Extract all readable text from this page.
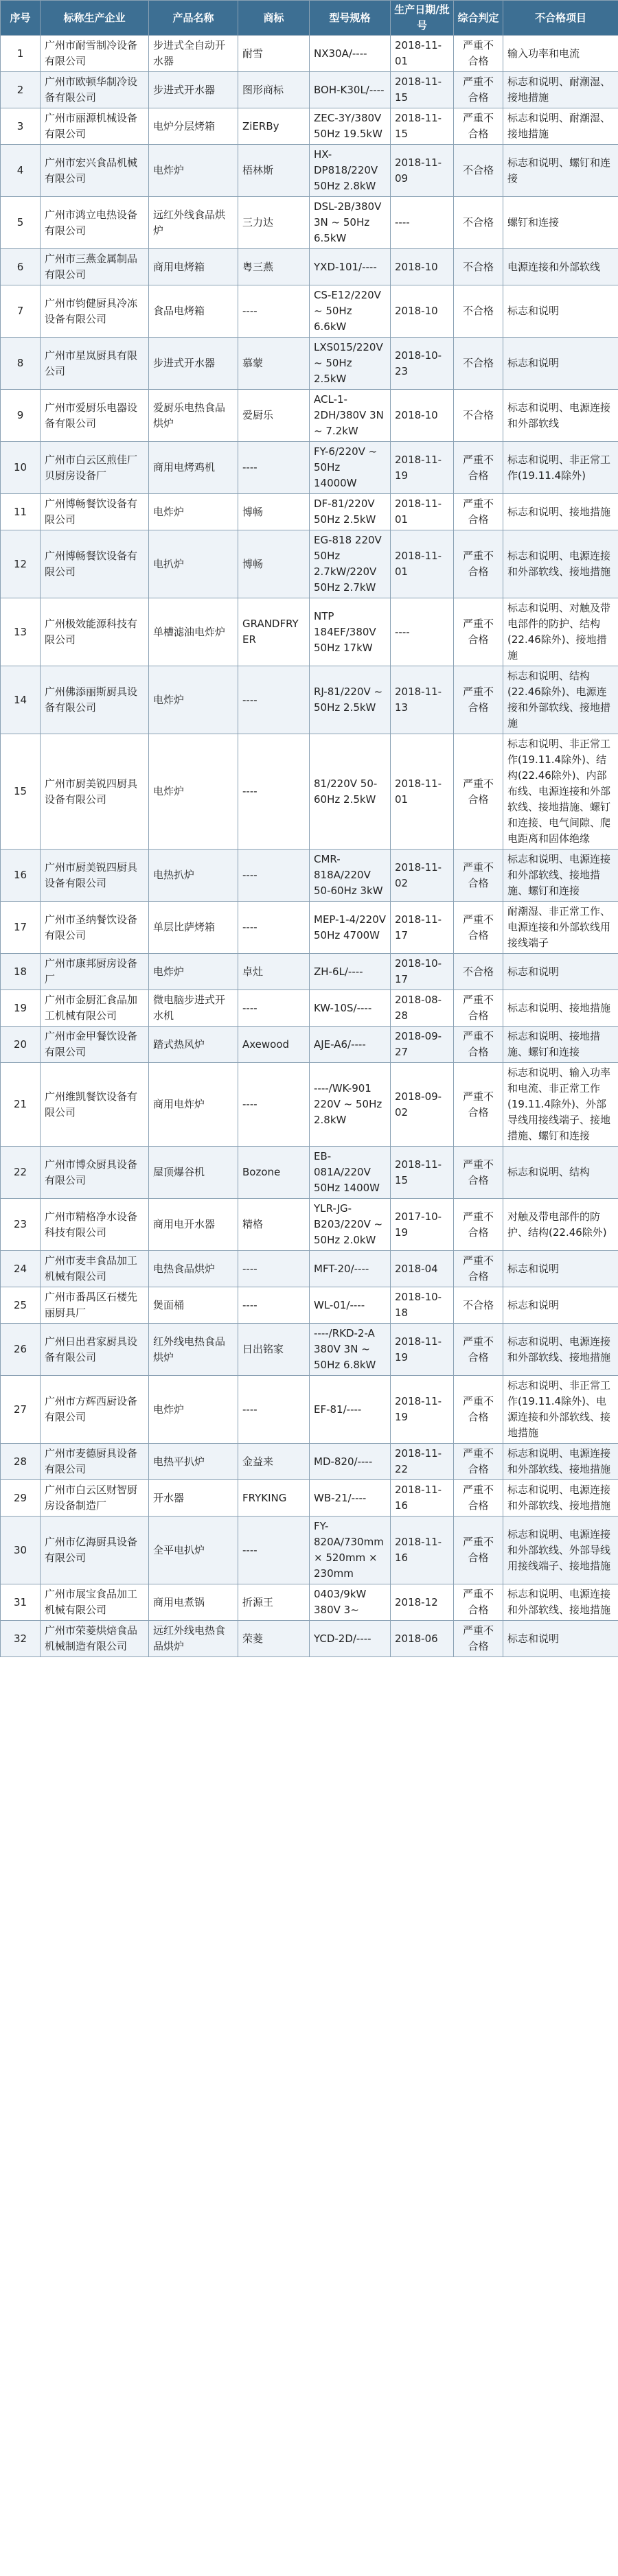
序号	标称生产企业	产品名称	商标	型号规格	生产日期/批号	综合判定	不合格项目
1	广州市耐雪制冷设备有限公司	步进式全自动开水器	耐雪	NX30A/----	2018-11-01	严重不合格	输入功率和电流
2	广州市欧顿华制冷设备有限公司	步进式开水器	图形商标	BOH-K30L/----	2018-11-15	严重不合格	标志和说明、耐潮湿、接地措施
3	广州市丽源机械设备有限公司	电炉分层烤箱	ZiERBy	ZEC-3Y/380V 50Hz 19.5kW	2018-11-15	严重不合格	标志和说明、耐潮湿、接地措施
4	广州市宏兴食品机械有限公司	电炸炉	梧林斯	HX-DP818/220V 50Hz 2.8kW	2018-11-09	不合格	标志和说明、螺钉和连接
5	广州市鸿立电热设备有限公司	远红外线食品烘炉	三力达	DSL-2B/380V 3N ~ 50Hz 6.5kW	----	不合格	螺钉和连接
6	广州市三燕金属制品有限公司	商用电烤箱	粤三燕	YXD-101/----	2018-10	不合格	电源连接和外部软线
7	广州市钧健厨具冷冻设备有限公司	食品电烤箱	----	CS-E12/220V ~ 50Hz 6.6kW	2018-10	不合格	标志和说明
8	广州市星岚厨具有限公司	步进式开水器	慕蒙	LXS015/220V~ 50Hz 2.5kW	2018-10-23	不合格	标志和说明
9	广州市爱厨乐电器设备有限公司	爱厨乐电热食品烘炉	爱厨乐	ACL-1-2DH/380V 3N ~ 7.2kW	2018-10	不合格	标志和说明、电源连接和外部软线
10	广州市白云区煎佳厂贝厨房设备厂	商用电烤鸡机	----	FY-6/220V ~ 50Hz 14000W	2018-11-19	严重不合格	标志和说明、非正常工作(19.11.4除外)
11	广州博畅餐饮设备有限公司	电炸炉	博畅	DF-81/220V 50Hz 2.5kW	2018-11-01	严重不合格	标志和说明、接地措施
12	广州博畅餐饮设备有限公司	电扒炉	博畅	EG-818 220V 50Hz 2.7kW/220V 50Hz 2.7kW	2018-11-01	严重不合格	标志和说明、电源连接和外部软线、接地措施
13	广州极效能源科技有限公司	单槽滤油电炸炉	GRANDFRYER	NTP 184EF/380V 50Hz 17kW	----	严重不合格	标志和说明、对触及带电部件的防护、结构(22.46除外)、接地措施
14	广州佛添丽斯厨具设备有限公司	电炸炉	----	RJ-81/220V ~ 50Hz 2.5kW	2018-11-13	严重不合格	标志和说明、结构(22.46除外)、电源连接和外部软线、接地措施
15	广州市厨美锐四厨具设备有限公司	电炸炉	----	81/220V 50-60Hz 2.5kW	2018-11-01	严重不合格	标志和说明、非正常工作(19.11.4除外)、结构(22.46除外)、内部布线、电源连接和外部软线、接地措施、螺钉和连接、电气间隙、爬电距离和固体绝缘
16	广州市厨美锐四厨具设备有限公司	电热扒炉	----	CMR-818A/220V 50-60Hz 3kW	2018-11-02	严重不合格	标志和说明、电源连接和外部软线、接地措施、螺钉和连接
17	广州市圣纳餐饮设备有限公司	单层比萨烤箱	----	MEP-1-4/220V 50Hz 4700W	2018-11-17	严重不合格	耐潮湿、非正常工作、电源连接和外部软线用接线端子
18	广州市康邦厨房设备厂	电炸炉	卓灶	ZH-6L/----	2018-10-17	不合格	标志和说明
19	广州市金厨汇食品加工机械有限公司	微电脑步进式开水机	----	KW-10S/----	2018-08-28	严重不合格	标志和说明、接地措施
20	广州市金甲餐饮设备有限公司	踏式热风炉	Axewood	AJE-A6/----	2018-09-27	严重不合格	标志和说明、接地措施、螺钉和连接
21	广州维凯餐饮设备有限公司	商用电炸炉	----	----/WK-901 220V ~ 50Hz 2.8kW	2018-09-02	严重不合格	标志和说明、输入功率和电流、非正常工作(19.11.4除外)、外部导线用接线端子、接地措施、螺钉和连接
22	广州市博众厨具设备有限公司	屋顶爆谷机	Bozone	EB-081A/220V 50Hz 1400W	2018-11-15	严重不合格	标志和说明、结构
23	广州市精格净水设备科技有限公司	商用电开水器	精格	YLR-JG-B203/220V ~ 50Hz 2.0kW	2017-10-19	严重不合格	对触及带电部件的防护、结构(22.46除外)
24	广州市麦丰食品加工机械有限公司	电热食品烘炉	----	MFT-20/----	2018-04	严重不合格	标志和说明
25	广州市番禺区石楼先丽厨具厂	煲面桶	----	WL-01/----	2018-10-18	不合格	标志和说明
26	广州日出君家厨具设备有限公司	红外线电热食品烘炉	日出铭家	----/RKD-2-A 380V 3N ~ 50Hz 6.8kW	2018-11-19	严重不合格	标志和说明、电源连接和外部软线、接地措施
27	广州市方辉西厨设备有限公司	电炸炉	----	EF-81/----	2018-11-19	严重不合格	标志和说明、非正常工作(19.11.4除外)、电源连接和外部软线、接地措施
28	广州市麦德厨具设备有限公司	电热平扒炉	金益来	MD-820/----	2018-11-22	严重不合格	标志和说明、电源连接和外部软线、接地措施
29	广州市白云区财智厨房设备制造厂	开水器	FRYKING	WB-21/----	2018-11-16	严重不合格	标志和说明、电源连接和外部软线、接地措施
30	广州市亿海厨具设备有限公司	全平电扒炉	----	FY-820A/730mm × 520mm × 230mm	2018-11-16	严重不合格	标志和说明、电源连接和外部软线、外部导线用接线端子、接地措施
31	广州市展宝食品加工机械有限公司	商用电煮锅	折源王	0403/9kW 380V 3~	2018-12	严重不合格	标志和说明、电源连接和外部软线、接地措施
32	广州市荣菱烘焙食品机械制造有限公司	远红外线电热食品烘炉	荣菱	YCD-2D/----	2018-06	严重不合格	标志和说明
